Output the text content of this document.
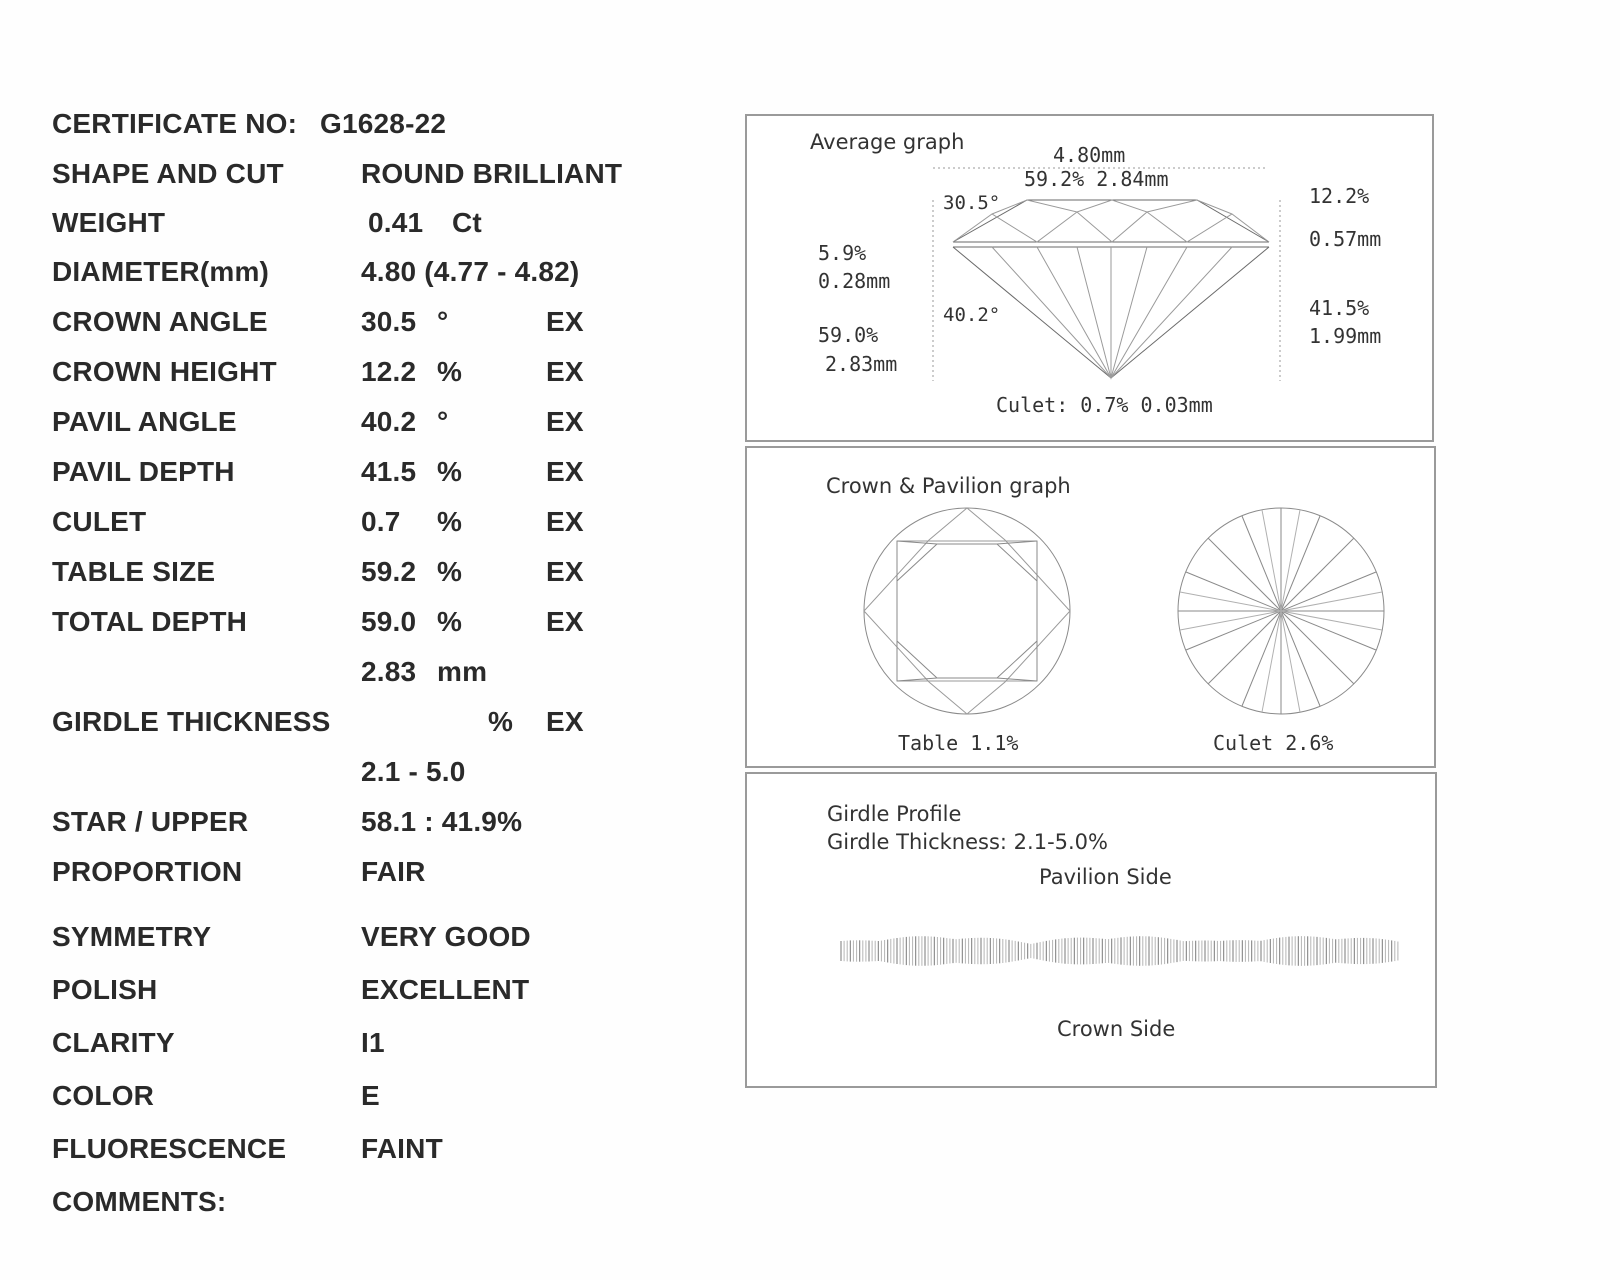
CERTIFICATE NO: G1628-22
SHAPE AND CUT	ROUND BRILLIANT
WEIGHT	0.41 Ct
DIAMETER(mm)	4.80 (4.77 - 4.82)
CROWN ANGLE	30.5 °	EX
CROWN HEIGHT	12.2 %	EX
PAVIL ANGLE	40.2 °	EX
PAVIL DEPTH	41.5 %	EX
CULET	0.7 %	EX
TABLE SIZE	59.2 %	EX
TOTAL DEPTH	59.0 %	EX
2.83 mm
GIRDLE THICKNESS	% EX
2.1 - 5.0
STAR / UPPER	58.1 : 41.9%
PROPORTION	FAIR
SYMMETRY	VERY GOOD
POLISH	EXCELLENT
CLARITY	I1
COLOR	E
FLUORESCENCE	FAINT
COMMENTS:
Average graph
4.80mm
59.2% 2.84mm
30.5°	12.2%
0.57mm
5.9%
0.28mm
40.2°	41.5%
1.99mm
59.0%
2.83mm
Culet: 0.7% 0.03mm
Crown & Pavilion graph
Table 1.1%	Culet 2.6%
Girdle Profile
Girdle Thickness: 2.1-5.0%
Pavilion Side
Crown Side
